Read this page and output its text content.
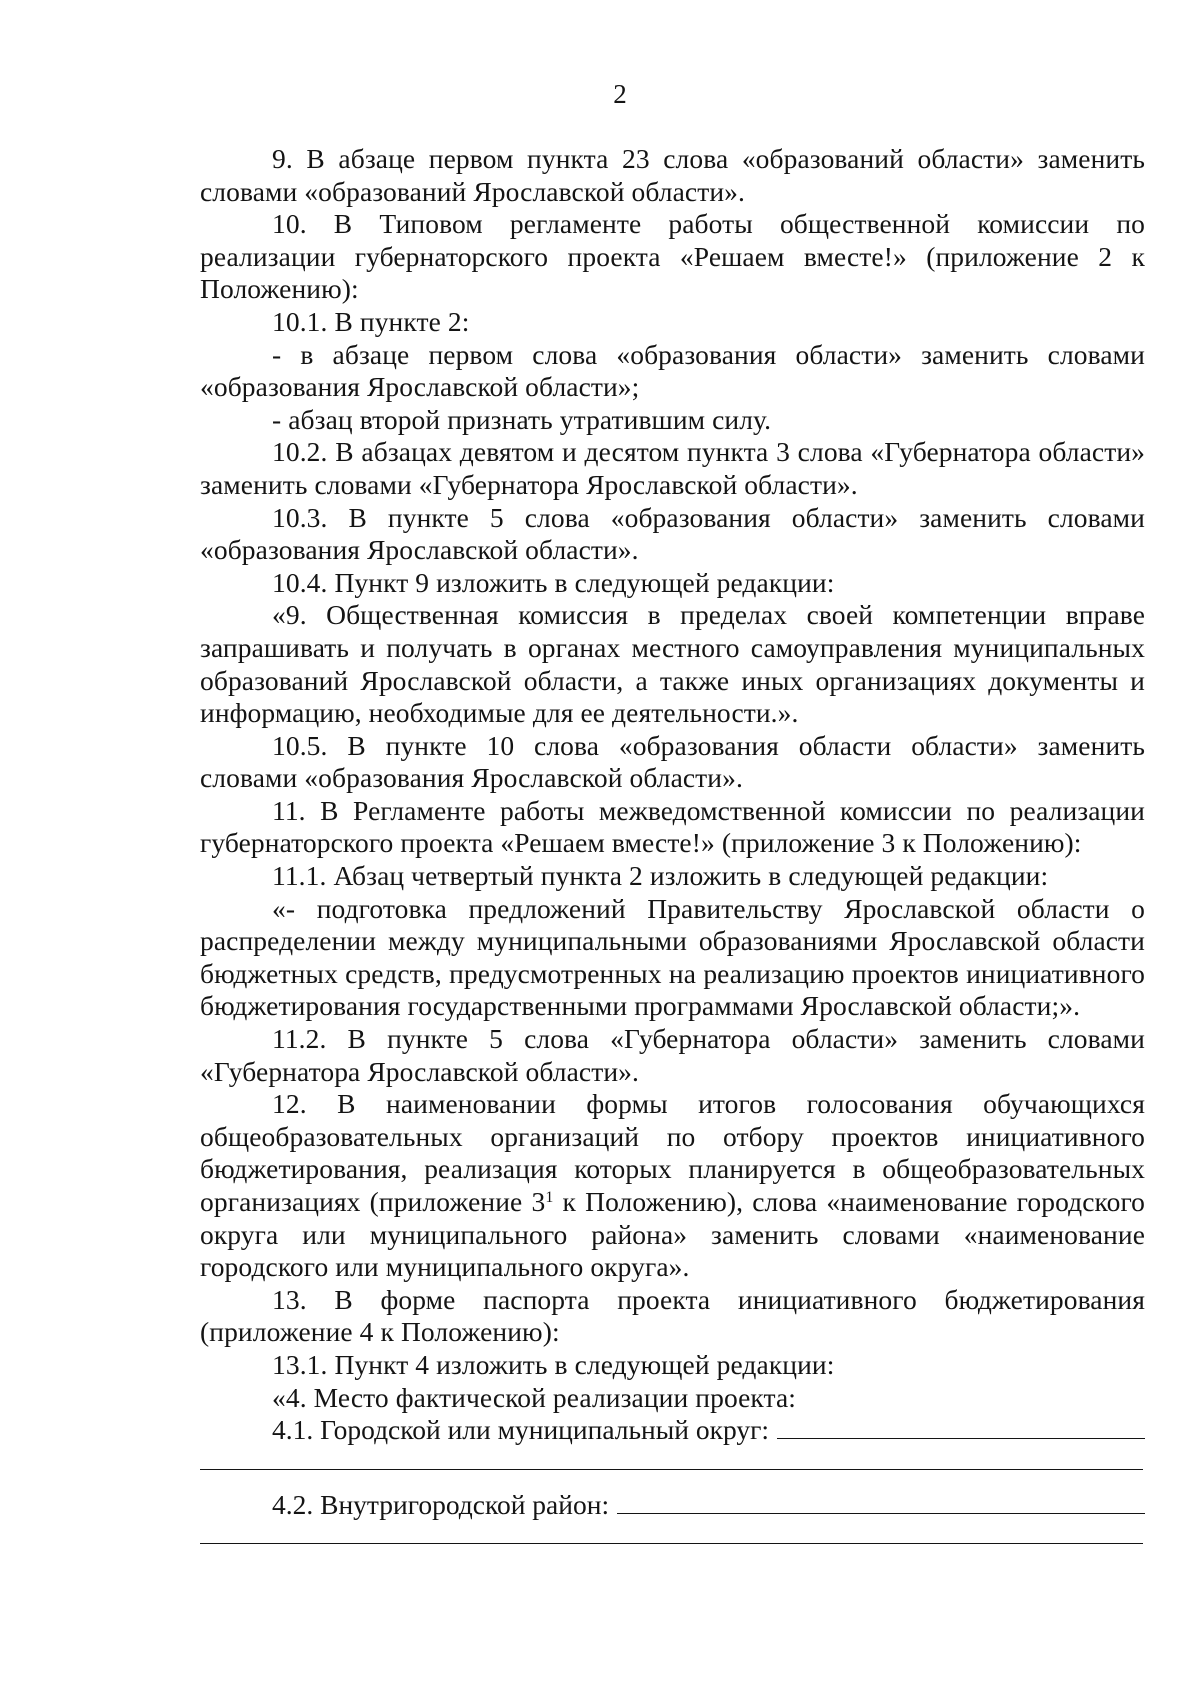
2

9. В абзаце первом пункта 23 слова «образований области» заменить словами «образований Ярославской области».

10. В Типовом регламенте работы общественной комиссии по реализации губернаторского проекта «Решаем вместе!» (приложение 2 к Положению):

10.1. В пункте 2:

- в абзаце первом слова «образования области» заменить словами «образования Ярославской области»;

- абзац второй признать утратившим силу.

10.2. В абзацах девятом и десятом пункта 3 слова «Губернатора области» заменить словами «Губернатора Ярославской области».

10.3. В пункте 5 слова «образования области» заменить словами «образования Ярославской области».

10.4. Пункт 9 изложить в следующей редакции:

«9. Общественная комиссия в пределах своей компетенции вправе запрашивать и получать в органах местного самоуправления муниципальных образований Ярославской области, а также иных организациях документы и информацию, необходимые для ее деятельности.».

10.5. В пункте 10 слова «образования области области» заменить словами «образования Ярославской области».

11. В Регламенте работы межведомственной комиссии по реализации губернаторского проекта «Решаем вместе!» (приложение 3 к Положению):

11.1. Абзац четвертый пункта 2 изложить в следующей редакции:

«- подготовка предложений Правительству Ярославской области о распределении между муниципальными образованиями Ярославской области бюджетных средств, предусмотренных на реализацию проектов инициативного бюджетирования государственными программами Ярославской области;».

11.2. В пункте 5 слова «Губернатора области» заменить словами «Губернатора Ярославской области».

12. В наименовании формы итогов голосования обучающихся общеобразовательных организаций по отбору проектов инициативного бюджетирования, реализация которых планируется в общеобразовательных организациях (приложение $3^1$ к Положению), слова «наименование городского округа или муниципального района» заменить словами «наименование городского или муниципального округа».

13. В форме паспорта проекта инициативного бюджетирования (приложение 4 к Положению):

13.1. Пункт 4 изложить в следующей редакции:

«4. Место фактической реализации проекта:

4.1. Городской или муниципальный округ:
4.2. Внутригородской район:
